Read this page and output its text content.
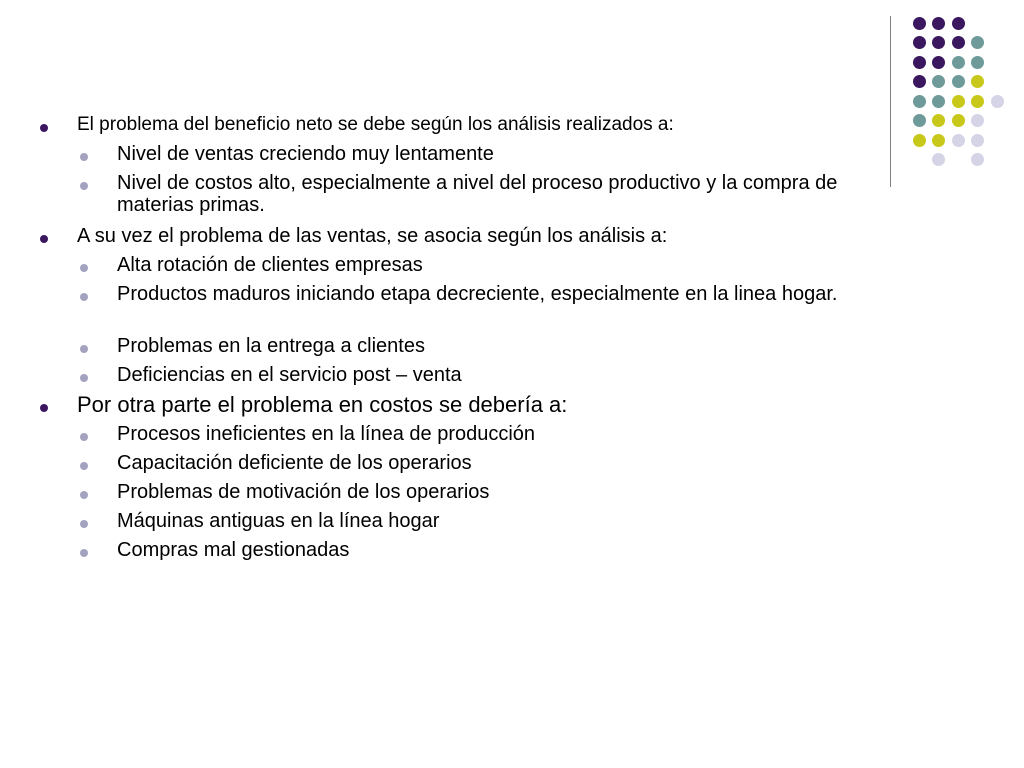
El problema del beneficio neto se debe según los análisis realizados a:
Nivel de ventas creciendo muy lentamente
Nivel de costos alto, especialmente a nivel del proceso productivo y la compra de materias primas.
A su vez el problema de las ventas, se asocia según los análisis a:
Alta rotación de clientes empresas
Productos maduros iniciando etapa decreciente, especialmente en la linea hogar.
Problemas en la entrega a clientes
Deficiencias en el servicio post – venta
Por otra parte el problema en costos se debería a:
Procesos ineficientes en la línea de producción
Capacitación deficiente de los operarios
Problemas de motivación de los operarios
Máquinas antiguas en la línea hogar
Compras mal gestionadas
